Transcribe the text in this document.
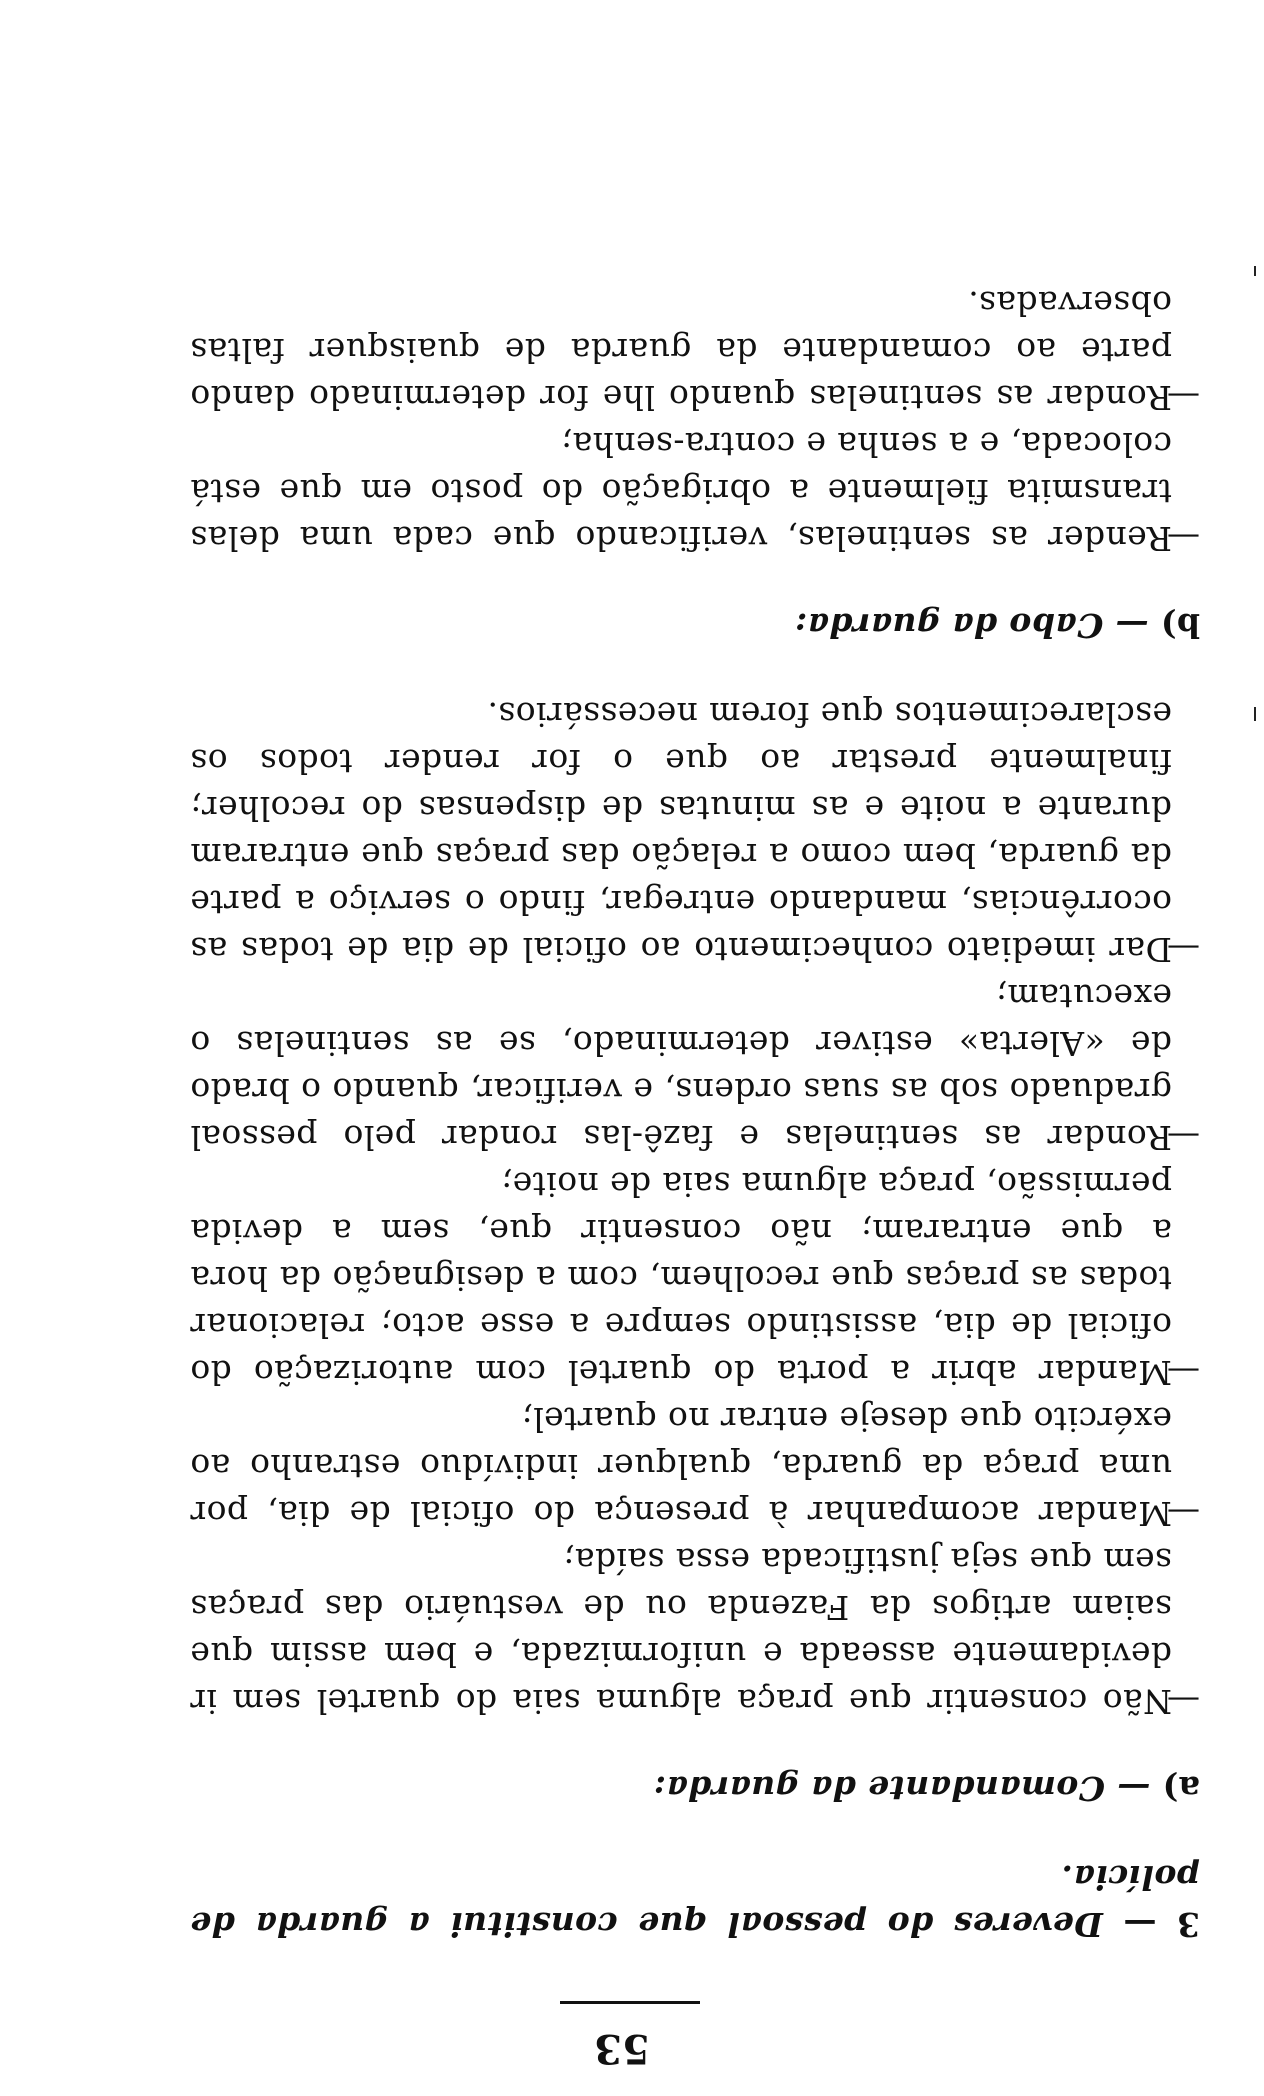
53

3 — Deveres do pessoal que constitui a guarda de polícia.

a) — Comandante da guarda:

—Não consentir que praça alguma saia do quartel sem ir devidamente asseada e uniformizada, e bem assim que saiam artigos da Fazenda ou de vestuário das praças sem que seja justificada essa saída;

—Mandar acompanhar à presença do oficial de dia, por uma praça da guarda, qualquer indivíduo estranho ao exército que deseje entrar no quartel;

—Mandar abrir a porta do quartel com autorização do oficial de dia, assistindo sempre a esse acto; relacionar todas as praças que recolhem, com a designação da hora a que entraram; não consentir que, sem a devida permissão, praça alguma saia de noite;

—Rondar as sentinelas e fazê-las rondar pelo pessoal graduado sob as suas ordens, e verificar, quando o brado de «Alerta» estiver determinado, se as sentinelas o executam;

—Dar imediato conhecimento ao oficial de dia de todas as ocorrências, mandando entregar, findo o serviço a parte da guarda, bem como a relação das praças que entraram durante a noite e as minutas de dispensas do recolher; finalmente prestar ao que o for render todos os esclarecimentos que forem necessários.

b) — Cabo da guarda:

—Render as sentinelas, verificando que cada uma delas transmita fielmente a obrigação do posto em que está colocada, e a senha e contra-senha;

—Rondar as sentinelas quando lhe for determinado dando parte ao comandante da guarda de quaisquer faltas observadas.
